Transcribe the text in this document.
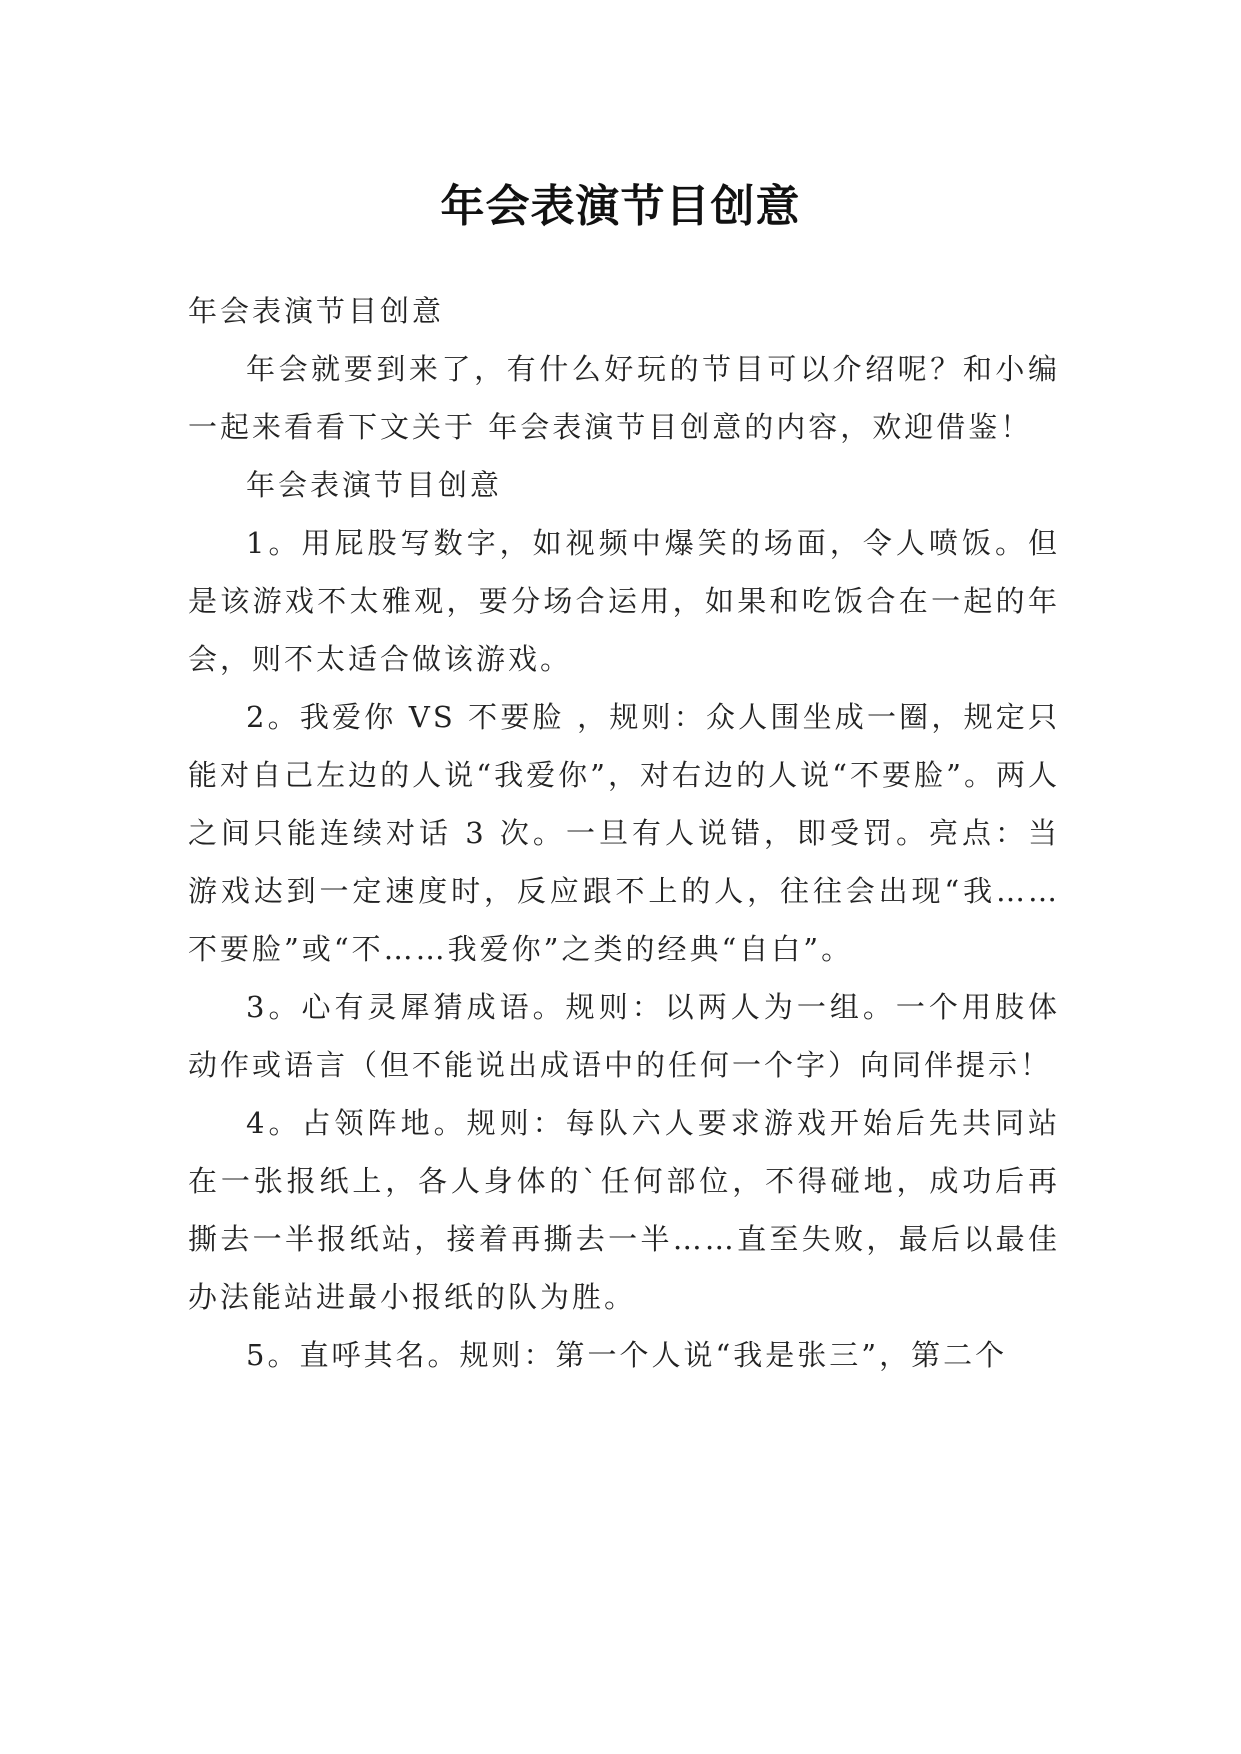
年会表演节目创意

年会表演节目创意

年会就要到来了，有什么好玩的节目可以介绍呢？和小编一起来看看下文关于 年会表演节目创意的内容，欢迎借鉴！

年会表演节目创意

1。用屁股写数字，如视频中爆笑的场面，令人喷饭。但是该游戏不太雅观，要分场合运用，如果和吃饭合在一起的年会，则不太适合做该游戏。

2。我爱你 VS 不要脸 ，规则：众人围坐成一圈，规定只能对自己左边的人说“我爱你”，对右边的人说“不要脸”。两人之间只能连续对话 3 次。一旦有人说错，即受罚。亮点：当游戏达到一定速度时，反应跟不上的人，往往会出现“我……不要脸”或“不……我爱你”之类的经典“自白”。

3。心有灵犀猜成语。规则：以两人为一组。一个用肢体动作或语言（但不能说出成语中的任何一个字）向同伴提示！

4。占领阵地。规则：每队六人要求游戏开始后先共同站在一张报纸上，各人身体的`任何部位，不得碰地，成功后再撕去一半报纸站，接着再撕去一半……直至失败，最后以最佳办法能站进最小报纸的队为胜。

5。直呼其名。规则：第一个人说“我是张三”，第二个
